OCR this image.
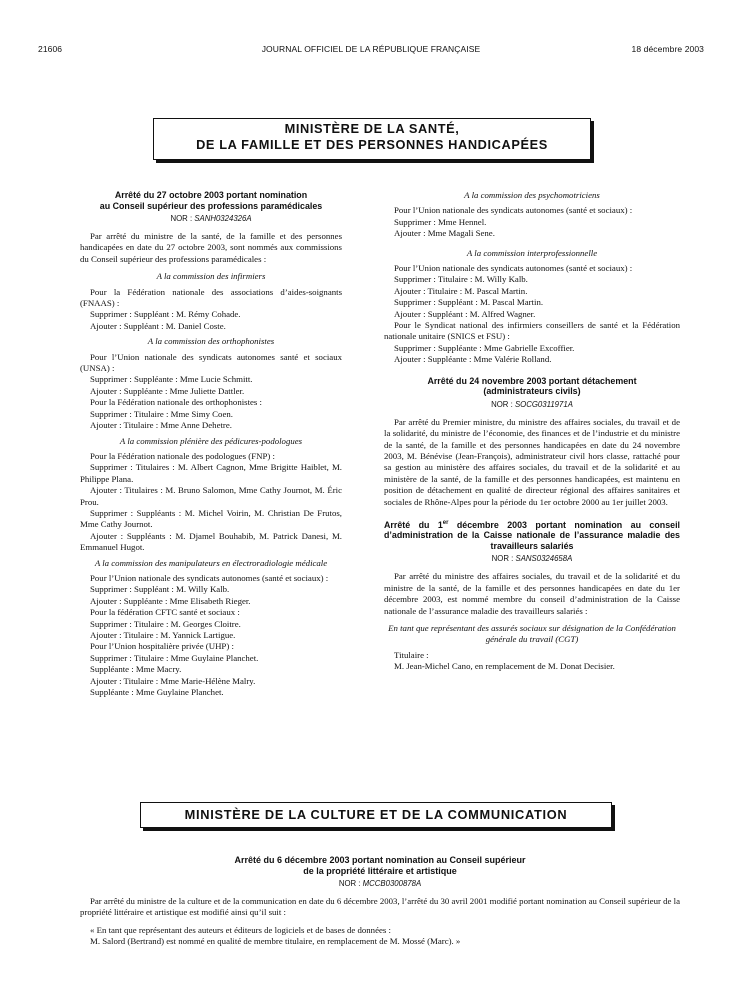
21606	JOURNAL OFFICIEL DE LA RÉPUBLIQUE FRANÇAISE	18 décembre 2003
MINISTÈRE DE LA SANTÉ,
DE LA FAMILLE ET DES PERSONNES HANDICAPÉES
Arrêté du 27 octobre 2003 portant nomination
au Conseil supérieur des professions paramédicales
NOR : SANH0324326A
Par arrêté du ministre de la santé, de la famille et des personnes handicapées en date du 27 octobre 2003, sont nommés aux commissions du Conseil supérieur des professions paramédicales :
A la commission des infirmiers
Pour la Fédération nationale des associations d’aides-soignants (FNAAS) :
Supprimer : Suppléant : M. Rémy Cohade.
Ajouter : Suppléant : M. Daniel Coste.
A la commission des orthophonistes
Pour l’Union nationale des syndicats autonomes santé et sociaux (UNSA) :
Supprimer : Suppléante : Mme Lucie Schmitt.
Ajouter : Suppléante : Mme Juliette Dattler.
Pour la Fédération nationale des orthophonistes :
Supprimer : Titulaire : Mme Simy Coen.
Ajouter : Titulaire : Mme Anne Dehetre.
A la commission plénière des pédicures-podologues
Pour la Fédération nationale des podologues (FNP) :
Supprimer : Titulaires : M. Albert Cagnon, Mme Brigitte Haiblet, M. Philippe Plana.
Ajouter : Titulaires : M. Bruno Salomon, Mme Cathy Journot, M. Éric Prou.
Supprimer : Suppléants : M. Michel Voirin, M. Christian De Frutos, Mme Cathy Journot.
Ajouter : Suppléants : M. Djamel Bouhabib, M. Patrick Danesi, M. Emmanuel Hugot.
A la commission des manipulateurs en électroradiologie médicale
Pour l’Union nationale des syndicats autonomes (santé et sociaux) :
Supprimer : Suppléant : M. Willy Kalb.
Ajouter : Suppléante : Mme Elisabeth Rieger.
Pour la fédération CFTC santé et sociaux :
Supprimer : Titulaire : M. Georges Cloitre.
Ajouter : Titulaire : M. Yannick Lartigue.
Pour l’Union hospitalière privée (UHP) :
Supprimer : Titulaire : Mme Guylaine Planchet.
Suppléante : Mme Macry.
Ajouter : Titulaire : Mme Marie-Hélène Malry.
Suppléante : Mme Guylaine Planchet.
A la commission des psychomotriciens
Pour l’Union nationale des syndicats autonomes (santé et sociaux) :
Supprimer : Mme Hennel.
Ajouter : Mme Magali Sene.
A la commission interprofessionnelle
Pour l’Union nationale des syndicats autonomes (santé et sociaux) :
Supprimer : Titulaire : M. Willy Kalb.
Ajouter : Titulaire : M. Pascal Martin.
Supprimer : Suppléant : M. Pascal Martin.
Ajouter : Suppléant : M. Alfred Wagner.
Pour le Syndicat national des infirmiers conseillers de santé et la Fédération nationale unitaire (SNICS et FSU) :
Supprimer : Suppléante : Mme Gabrielle Excoffier.
Ajouter : Suppléante : Mme Valérie Rolland.
Arrêté du 24 novembre 2003 portant détachement
(administrateurs civils)
NOR : SOCG0311971A
Par arrêté du Premier ministre, du ministre des affaires sociales, du travail et de la solidarité, du ministre de l’économie, des finances et de l’industrie et du ministre de la santé, de la famille et des personnes handicapées en date du 24 novembre 2003, M. Bénévise (Jean-François), administrateur civil hors classe, rattaché pour sa gestion au ministère des affaires sociales, du travail et de la solidarité et au ministère de la santé, de la famille et des personnes handicapées, est maintenu en position de détachement en qualité de directeur régional des affaires sanitaires et sociales de Rhône-Alpes pour la période du 1er octobre 2000 au 1er juillet 2003.
Arrêté du 1er décembre 2003 portant nomination au conseil d’administration de la Caisse nationale de l’assurance maladie des travailleurs salariés
NOR : SANS0324658A
Par arrêté du ministre des affaires sociales, du travail et de la solidarité et du ministre de la santé, de la famille et des personnes handicapées en date du 1er décembre 2003, est nommé membre du conseil d’administration de la Caisse nationale de l’assurance maladie des travailleurs salariés :
En tant que représentant des assurés sociaux sur désignation de la Confédération générale du travail (CGT)
Titulaire :
M. Jean-Michel Cano, en remplacement de M. Donat Decisier.
MINISTÈRE DE LA CULTURE ET DE LA COMMUNICATION
Arrêté du 6 décembre 2003 portant nomination au Conseil supérieur
de la propriété littéraire et artistique
NOR : MCCB0300878A
Par arrêté du ministre de la culture et de la communication en date du 6 décembre 2003, l’arrêté du 30 avril 2001 modifié portant nomination au Conseil supérieur de la propriété littéraire et artistique est modifié ainsi qu’il suit :
« En tant que représentant des auteurs et éditeurs de logiciels et de bases de données :
M. Salord (Bertrand) est nommé en qualité de membre titulaire, en remplacement de M. Mossé (Marc). »
